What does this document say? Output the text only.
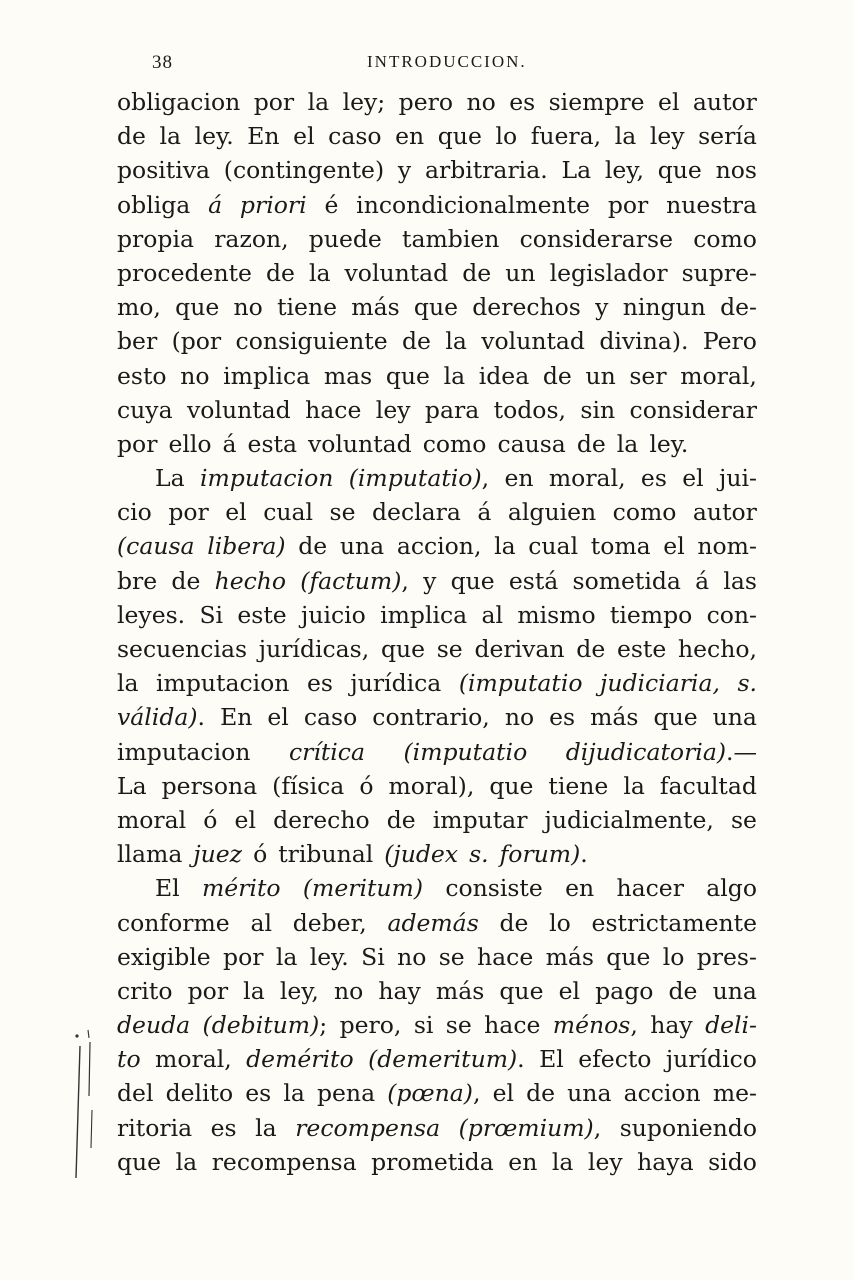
38	INTRODUCCION.
obligacion por la ley; pero no es siempre el autor
de la ley. En el caso en que lo fuera, la ley sería
positiva (contingente) y arbitraria. La ley, que nos
obliga á priori é incondicionalmente por nuestra
propia razon, puede tambien considerarse como
procedente de la voluntad de un legislador supre-
mo, que no tiene más que derechos y ningun de-
ber (por consiguiente de la voluntad divina). Pero
esto no implica mas que la idea de un ser moral,
cuya voluntad hace ley para todos, sin considerar
por ello á esta voluntad como causa de la ley.
La imputacion (imputatio), en moral, es el jui-
cio por el cual se declara á alguien como autor
(causa libera) de una accion, la cual toma el nom-
bre de hecho (factum), y que está sometida á las
leyes. Si este juicio implica al mismo tiempo con-
secuencias jurídicas, que se derivan de este hecho,
la imputacion es jurídica (imputatio judiciaria, s.
válida). En el caso contrario, no es más que una
imputacion crítica (imputatio dijudicatoria).—
La persona (física ó moral), que tiene la facultad
moral ó el derecho de imputar judicialmente, se
llama juez ó tribunal (judex s. forum).
El mérito (meritum) consiste en hacer algo
conforme al deber, además de lo estrictamente
exigible por la ley. Si no se hace más que lo pres-
crito por la ley, no hay más que el pago de una
deuda (debitum); pero, si se hace ménos, hay deli-
to moral, demérito (demeritum). El efecto jurídico
del delito es la pena (pœna), el de una accion me-
ritoria es la recompensa (prœmium), suponiendo
que la recompensa prometida en la ley haya sido
